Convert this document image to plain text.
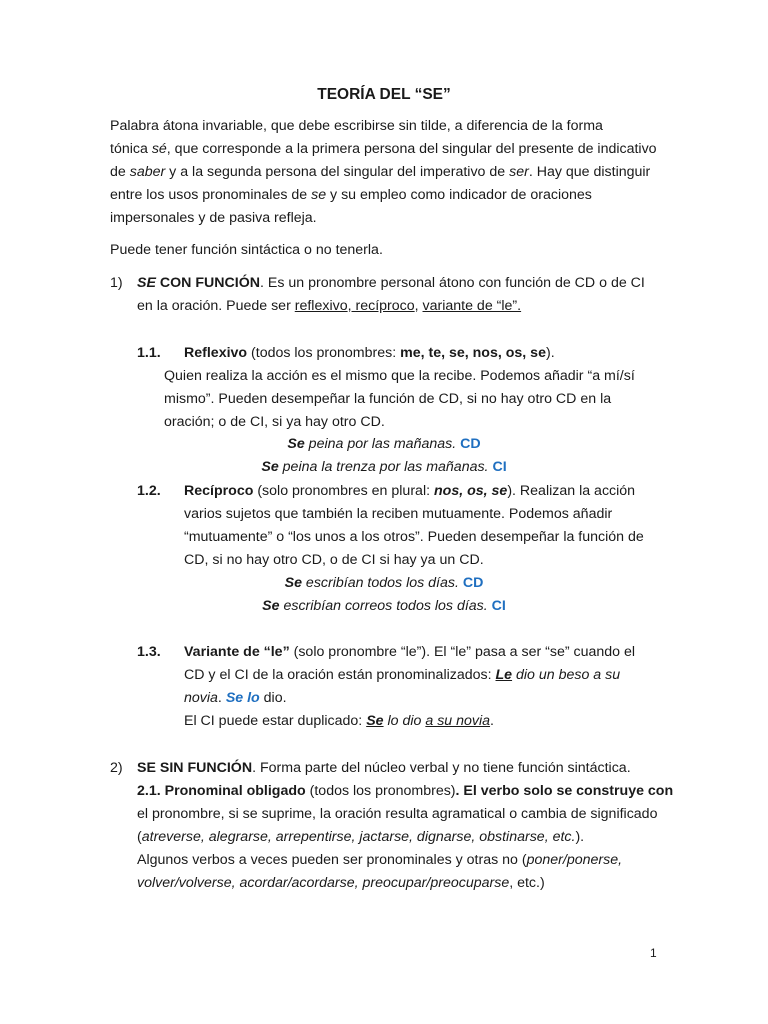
TEORÍA DEL “SE”
Palabra átona invariable, que debe escribirse sin tilde, a diferencia de la forma
tónica sé, que corresponde a la primera persona del singular del presente de indicativo
de saber y a la segunda persona del singular del imperativo de ser. Hay que distinguir
entre los usos pronominales de se y su empleo como indicador de oraciones
impersonales y de pasiva refleja.
Puede tener función sintáctica o no tenerla.
1) SE CON FUNCIÓN. Es un pronombre personal átono con función de CD o de CI
en la oración. Puede ser reflexivo, recíproco, variante de “le”.
1.1. Reflexivo (todos los pronombres: me, te, se, nos, os, se).
Quien realiza la acción es el mismo que la recibe. Podemos añadir “a mí/sí
mismo”. Pueden desempeñar la función de CD, si no hay otro CD en la
oración; o de CI, si ya hay otro CD.
Se peina por las mañanas. CD
Se peina la trenza por las mañanas. CI
1.2. Recíproco (solo pronombres en plural: nos, os, se). Realizan la acción
varios sujetos que también la reciben mutuamente. Podemos añadir
“mutuamente” o “los unos a los otros”. Pueden desempeñar la función de
CD, si no hay otro CD, o de CI si hay ya un CD.
Se escribían todos los días. CD
Se escribían correos todos los días. CI
1.3. Variante de “le” (solo pronombre “le”). El “le” pasa a ser “se” cuando el
CD y el CI de la oración están pronominalizados: Le dio un beso a su
novia. Se lo dio.
El CI puede estar duplicado: Se lo dio a su novia.
2) SE SIN FUNCIÓN. Forma parte del núcleo verbal y no tiene función sintáctica.
2.1. Pronominal obligado (todos los pronombres). El verbo solo se construye con
el pronombre, si se suprime, la oración resulta agramatical o cambia de significado
(atreverse, alegrarse, arrepentirse, jactarse, dignarse, obstinarse, etc.).
Algunos verbos a veces pueden ser pronominales y otras no (poner/ponerse,
volver/volverse, acordar/acordarse, preocupar/preocuparse, etc.)
1
